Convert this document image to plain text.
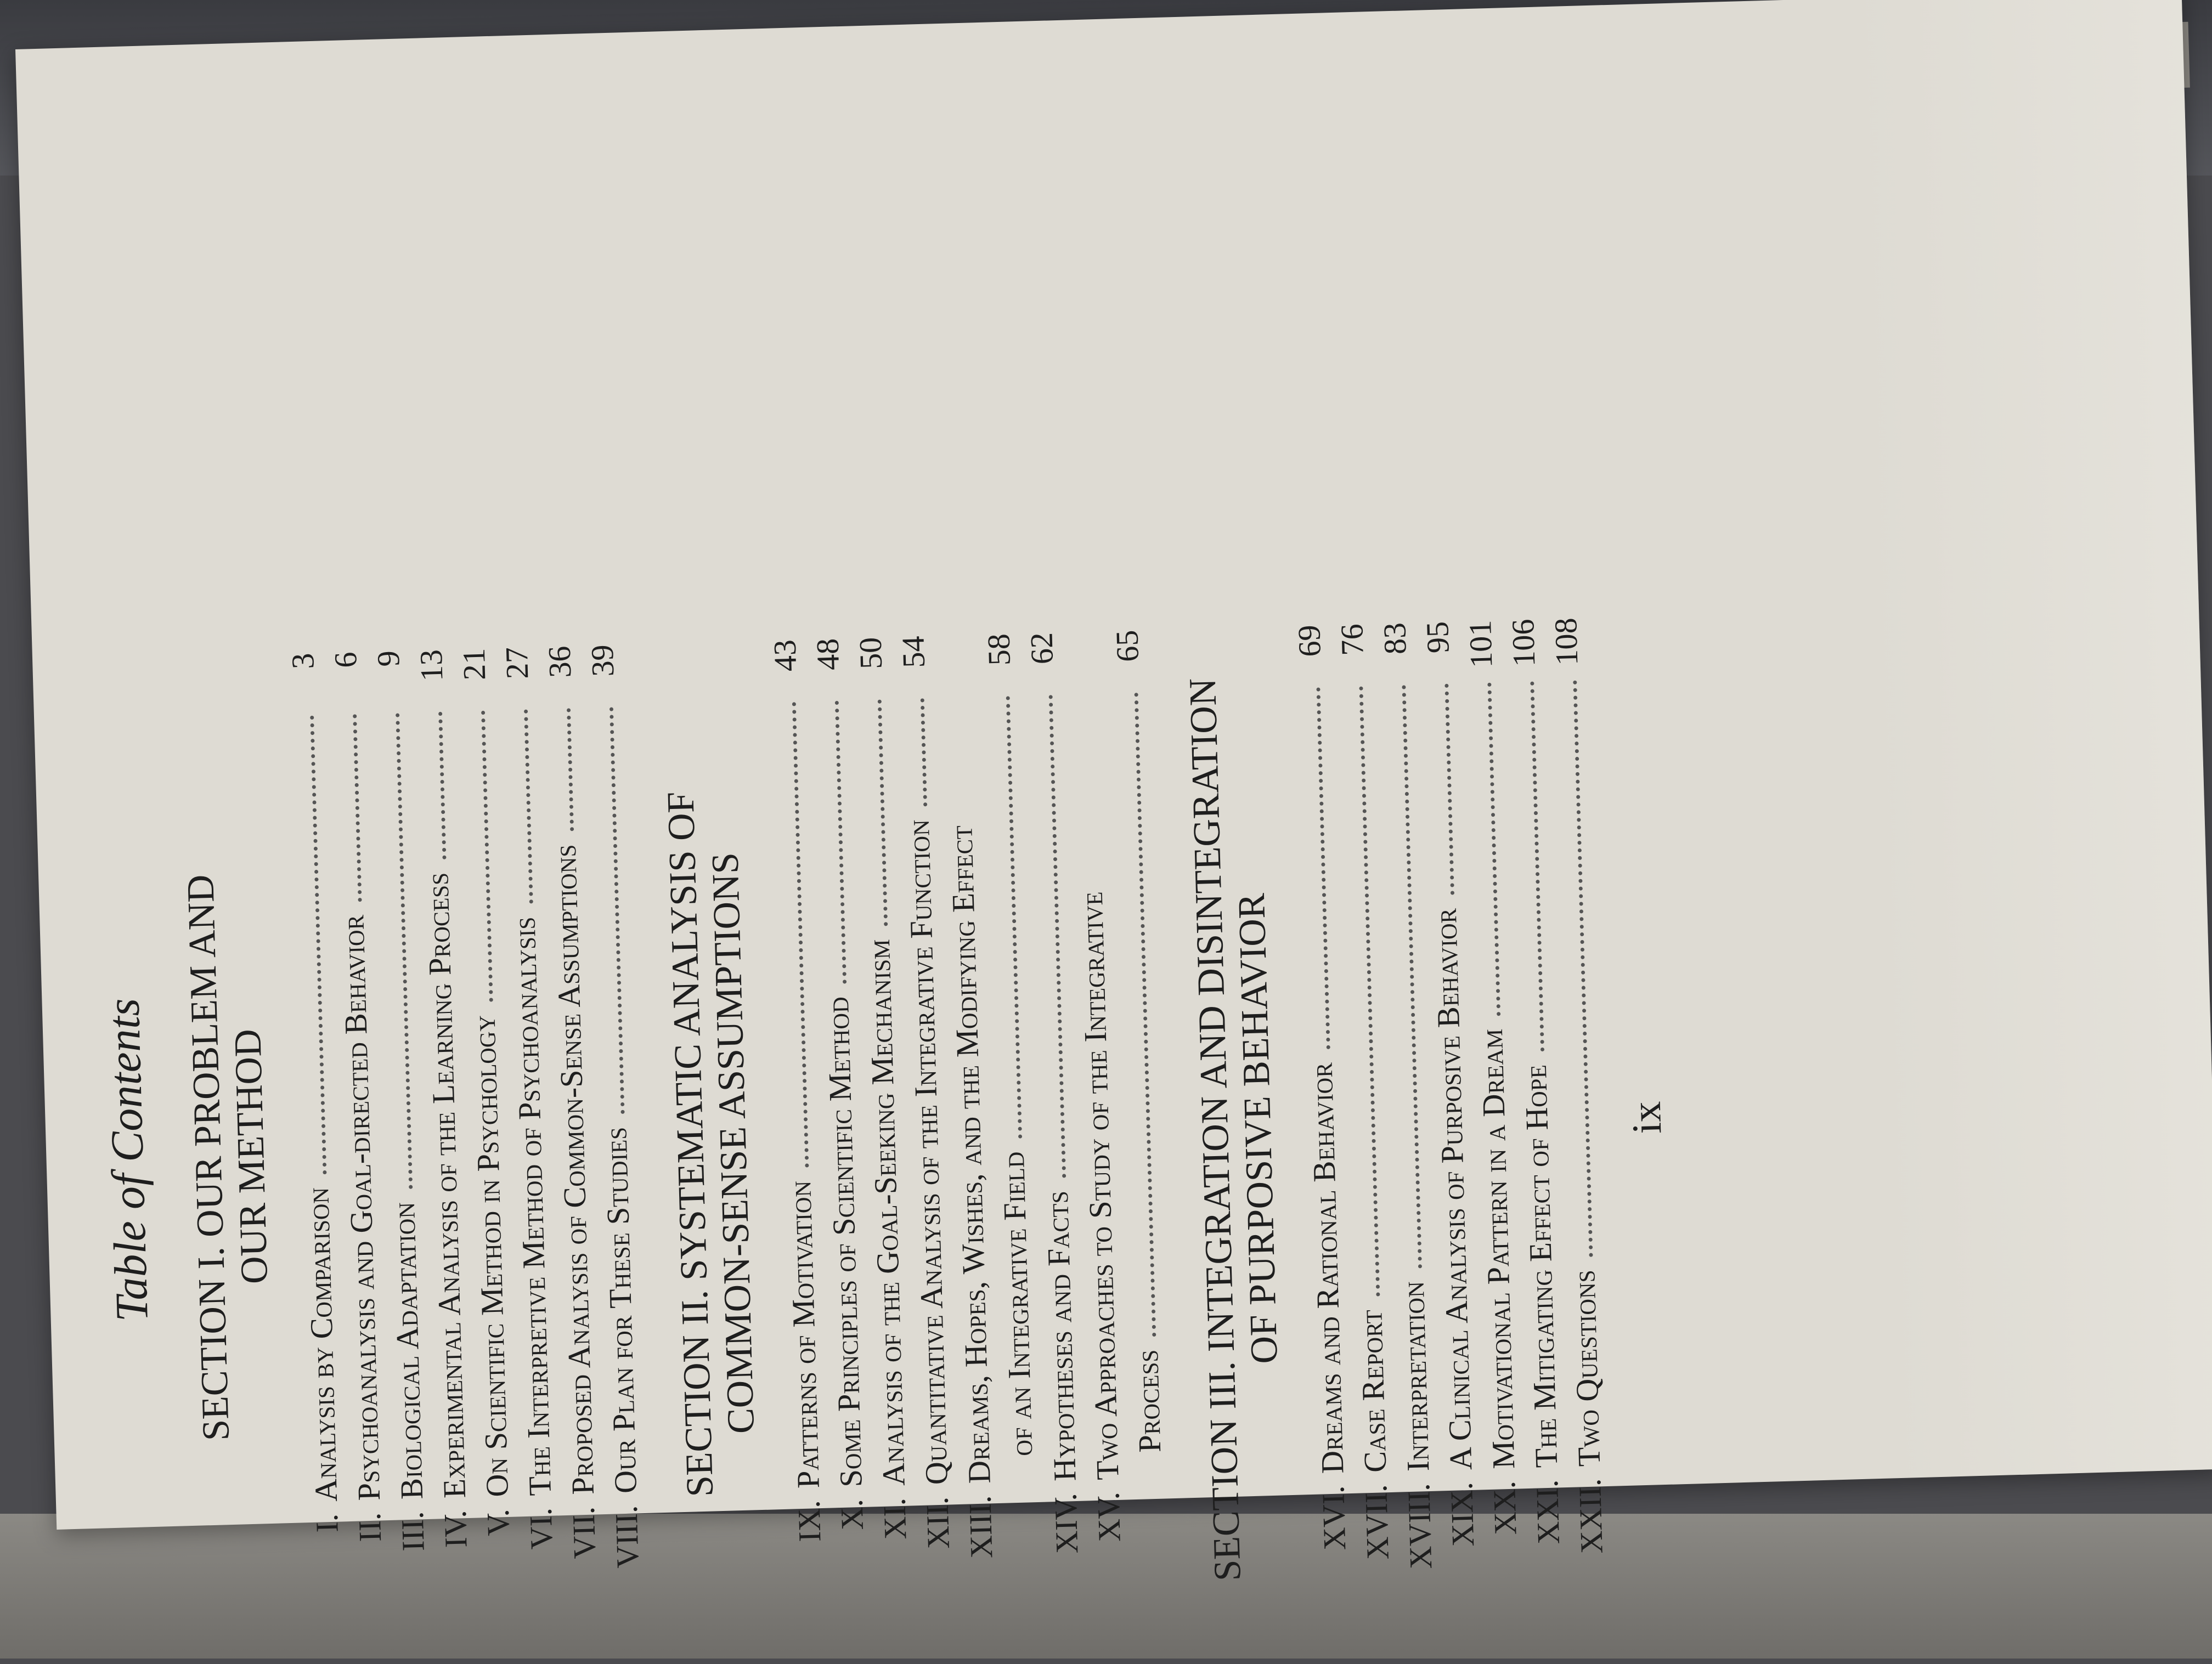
Table of Contents SECTION I. OUR PROBLEM AND
OUR METHOD
I.
Analysis by Comparison
3
II.
Psychoanalysis and Goal-directed Behavior
6
III.
Biological Adaptation
9
IV.
Experimental Analysis of the Learning Process
13
V.
On Scientific Method in Psychology
21
VI.
The Interpretive Method of Psychoanalysis
27
VII.
Proposed Analysis of Common-Sense Assumptions
36
VIII.
Our Plan for These Studies
39
SECTION II. SYSTEMATIC ANALYSIS OF
COMMON-SENSE ASSUMPTIONS
IX.
Patterns of Motivation
43
X.
Some Principles of Scientific Method
48
XI.
Analysis of the Goal-Seeking Mechanism
50
XII.
Quantitative Analysis of the Integrative Function
54
XIII.
Dreams, Hopes, Wishes, and the Modifying Effect
of an Integrative Field
58
XIV.
Hypotheses and Facts
62
XV.
Two Approaches to Study of the Integrative Process
65
SECTION III. INTEGRATION AND DISINTEGRATION
OF PURPOSIVE BEHAVIOR
XVI.
Dreams and Rational Behavior
69
XVII.
Case Report
76
XVIII.
Interpretation
83
XIX.
A Clinical Analysis of Purposive Behavior
95
XX.
Motivational Pattern in a Dream
101
XXI.
The Mitigating Effect of Hope
106
XXII.
Two Questions
108
ix
